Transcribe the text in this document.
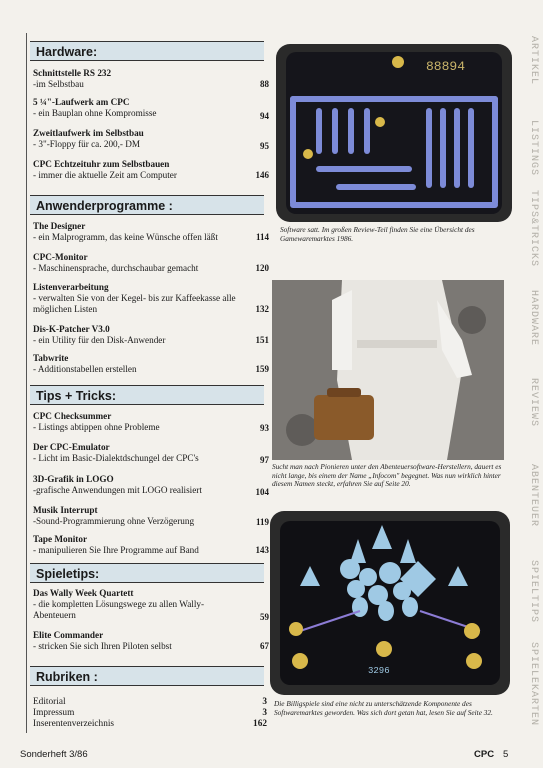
Hardware:
Schnittstelle RS 232
-im Selbstbau	88
5 ¼"-Laufwerk am CPC
- ein Bauplan ohne Kompromisse	94
Zweitlaufwerk im Selbstbau
- 3"-Floppy für ca. 200,- DM	95
CPC Echtzeituhr zum Selbstbauen
- immer die aktuelle Zeit am Computer	146
Anwenderprogramme :
The Designer
- ein Malprogramm, das keine Wünsche offen läßt	114
CPC-Monitor
- Maschinensprache, durchschaubar gemacht	120
Listenverarbeitung
- verwalten Sie von der Kegel- bis zur Kaffeekasse alle möglichen Listen	132
Dis-K-Patcher V3.0
- ein Utility für den Disk-Anwender	151
Tabwrite
- Additionstabellen erstellen	159
Tips + Tricks:
CPC Checksummer
- Listings abtippen ohne Probleme	93
Der CPC-Emulator
- Licht im Basic-Dialektdschungel der CPC's	97
3D-Grafik in LOGO
-grafische Anwendungen mit LOGO realisiert	104
Musik Interrupt
-Sound-Programmierung ohne Verzögerung	119
Tape Monitor
- manipulieren Sie Ihre Programme auf Band	143
Spieletips:
Das Wally Week Quartett
- die kompletten Lösungswege zu allen Wally-Abenteuern	59
Elite Commander
- stricken Sie sich Ihren Piloten selbst	67
Rubriken :
Editorial	3
Impressum	3
Inserentenverzeichnis	162
88894
Software satt. Im großen Review-Teil finden Sie eine Übersicht des Gamewaremarktes 1986.
Sucht man nach Pionieren unter den Abenteuersoftware-Herstellern, dauert es nicht lange, bis einem der Name „Infocom" begegnet. Was nun wirklich hinter diesem Namen steckt, erfahren Sie auf Seite 20.
3296
Die Billigspiele sind eine nicht zu unterschätzende Komponente des Softwaremarktes geworden. Was sich dort getan hat, lesen Sie auf Seite 32.
ARTIKEL
LISTINGS
TIPS&TRICKS
HARDWARE
REVIEWS
ABENTEUER
SPIELTIPS
SPIELEKARTEN
Sonderheft 3/86	CPC 5
